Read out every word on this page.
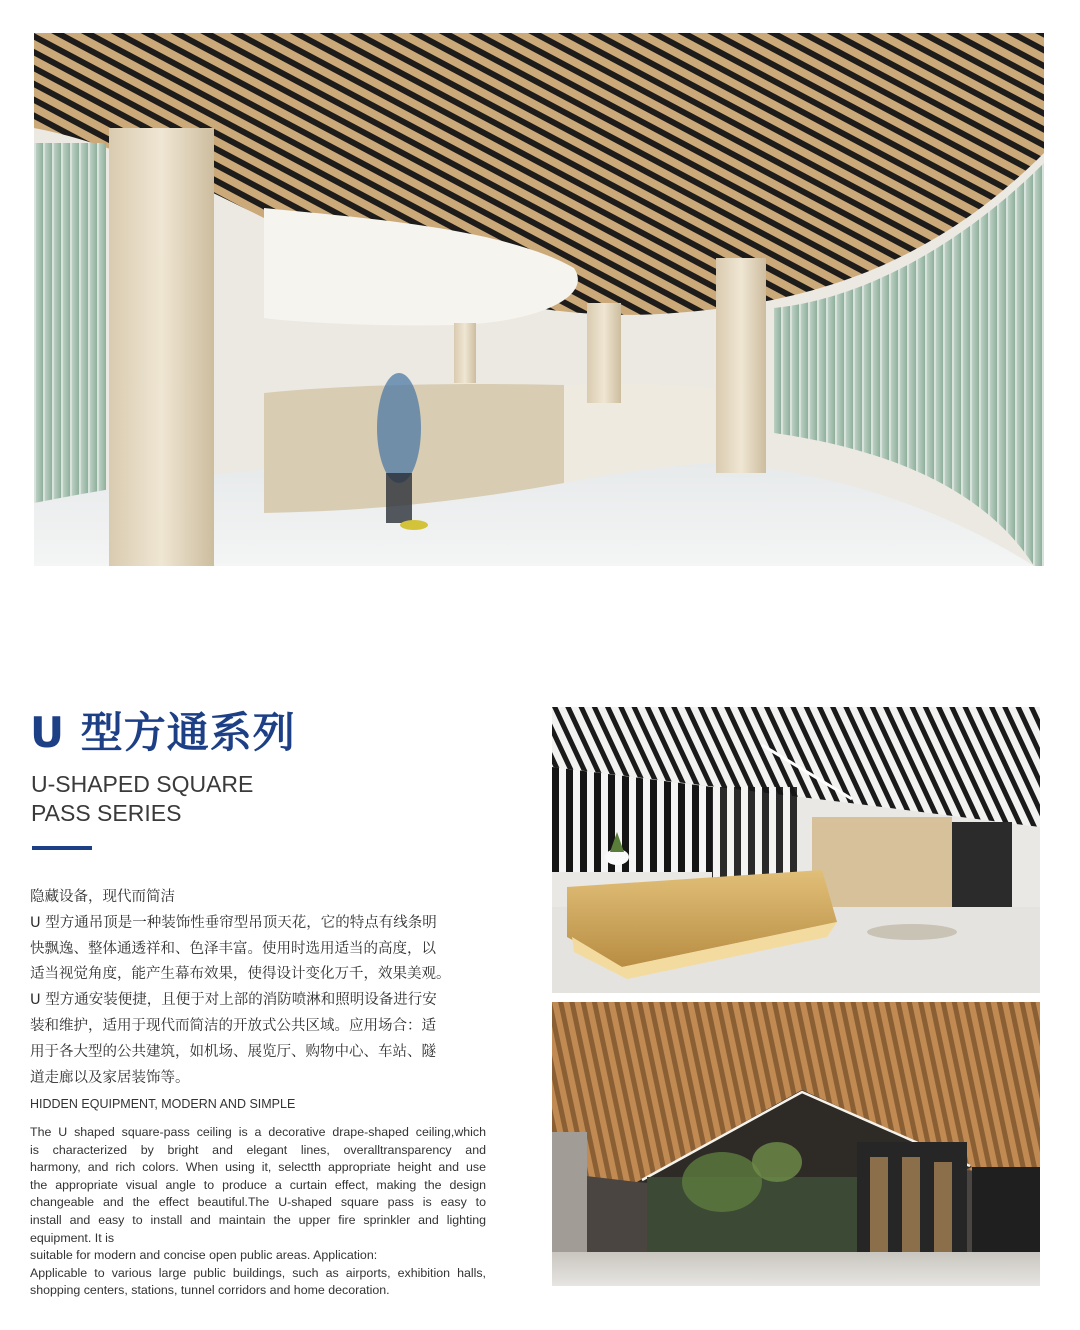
U 型方通系列
U-SHAPED SQUARE
PASS SERIES
隐藏设备，现代而简洁
U 型方通吊顶是一种装饰性垂帘型吊顶天花，它的特点有线条明
快飘逸、整体通透祥和、色泽丰富。使用时选用适当的高度，以
适当视觉角度，能产生幕布效果，使得设计变化万千，效果美观。
U 型方通安装便捷，且便于对上部的消防喷淋和照明设备进行安
装和维护，适用于现代而简洁的开放式公共区域。应用场合：适
用于各大型的公共建筑，如机场、展览厅、购物中心、车站、隧
道走廊以及家居装饰等。
HIDDEN EQUIPMENT, MODERN AND SIMPLE
The U shaped square-pass ceiling is a decorative drape-shaped ceiling,which
is characterized by bright and elegant lines, overalltransparency and
harmony, and rich colors. When using it, selectth appropriate height and use
the appropriate visual angle to produce a curtain effect, making the design
changeable and the effect beautiful.The U-shaped square pass is easy to
install and easy to install and maintain the upper fire sprinkler and lighting
equipment. It is
suitable for modern and concise open public areas. Application:
Applicable to various large public buildings, such as airports, exhibition halls,
shopping centers, stations, tunnel corridors and home decoration.
